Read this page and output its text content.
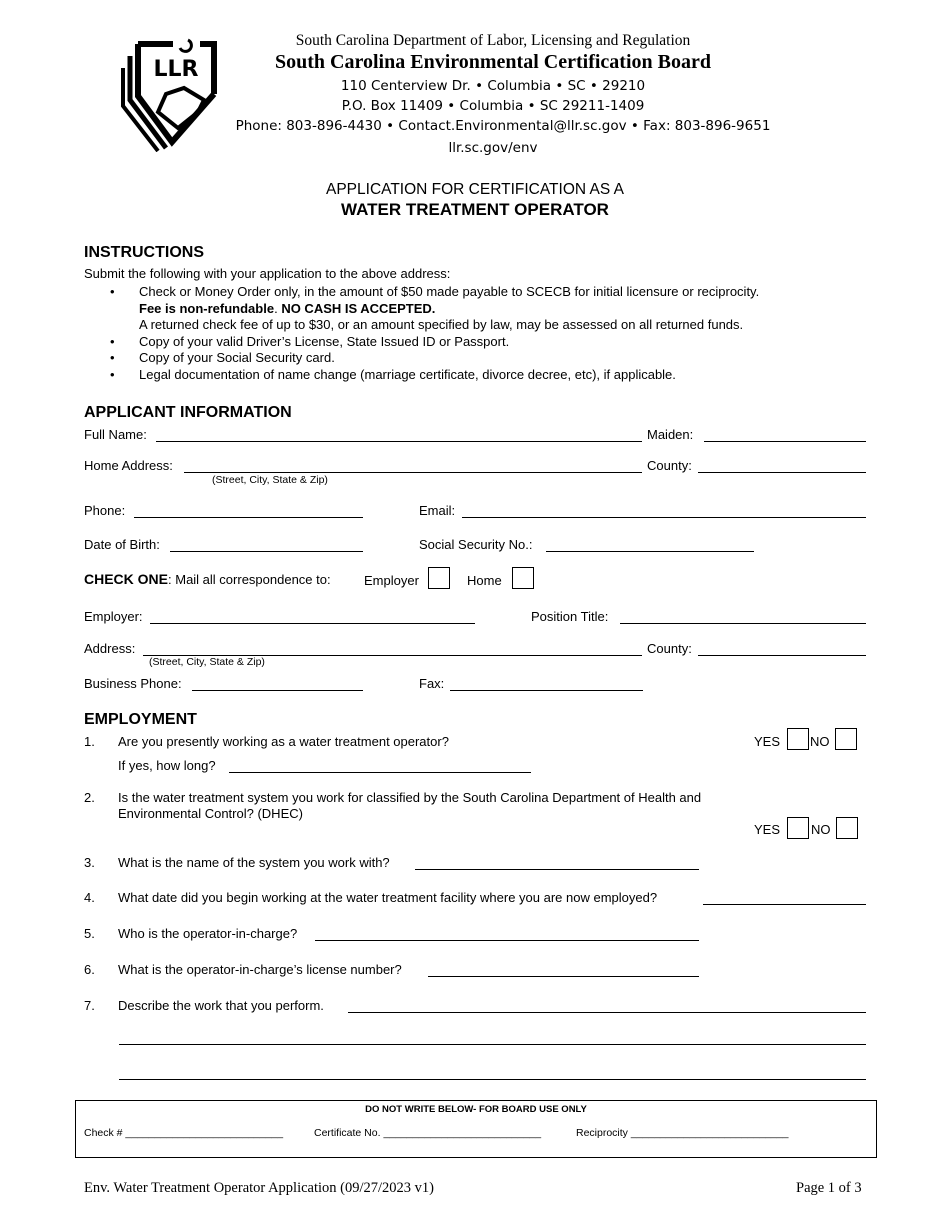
LLR
South Carolina Department of Labor, Licensing and Regulation
South Carolina Environmental Certification Board
110 Centerview Dr. • Columbia • SC • 29210
P.O. Box 11409 • Columbia • SC 29211-1409
Phone: 803-896-4430 • Contact.Environmental@llr.sc.gov • Fax: 803-896-9651
llr.sc.gov/env
APPLICATION FOR CERTIFICATION AS A
WATER TREATMENT OPERATOR
INSTRUCTIONS
Submit the following with your application to the above address:
• Check or Money Order only, in the amount of $50 made payable to SCECB for initial licensure or reciprocity.
Fee is non-refundable. NO CASH IS ACCEPTED.
A returned check fee of up to $30, or an amount specified by law, may be assessed on all returned funds.
• Copy of your valid Driver’s License, State Issued ID or Passport.
• Copy of your Social Security card.
• Legal documentation of name change (marriage certificate, divorce decree, etc), if applicable.
APPLICANT INFORMATION
Full Name:	Maiden:
Home Address:
(Street, City, State & Zip)
County:
Phone:	Email:
Date of Birth:	Social Security No.:
CHECK ONE: Mail all correspondence to:	Employer	Home
Employer:	Position Title:
Address:
(Street, City, State & Zip)
County:
Business Phone:	Fax:
EMPLOYMENT
1. Are you presently working as a water treatment operator?	YES NO
If yes, how long?
2. Is the water treatment system you work for classified by the South Carolina Department of Health and
Environmental Control? (DHEC)
YES NO
3. What is the name of the system you work with?
4. What date did you begin working at the water treatment facility where you are now employed?
5. Who is the operator-in-charge?
6. What is the operator-in-charge’s license number?
7. Describe the work that you perform.
DO NOT WRITE BELOW- FOR BOARD USE ONLY
Check # ___________________________	Certificate No. ___________________________	Reciprocity ___________________________
Env. Water Treatment Operator Application (09/27/2023 v1)	Page 1 of 3
